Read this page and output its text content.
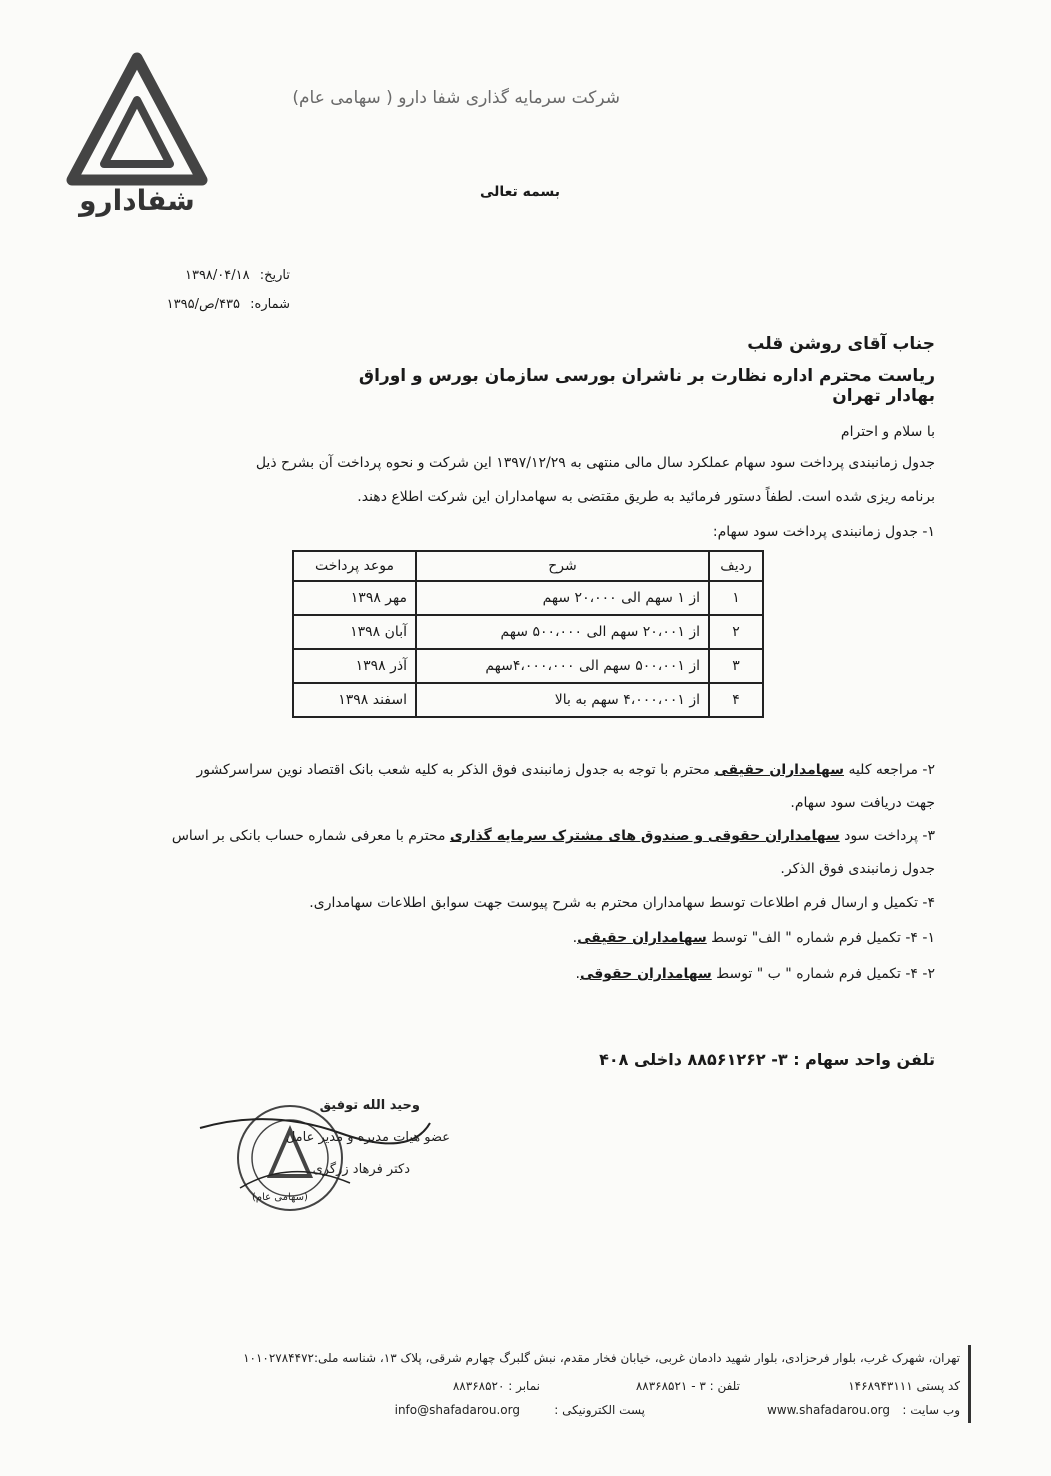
شفادارو
شرکت سرمایه گذاری شفا دارو ( سهامی عام)
بسمه تعالی
تاریخ: ۱۳۹۸/۰۴/۱۸
شماره: ۴۳۵/ص/۱۳۹۵
جناب آقای روشن قلب
ریاست محترم اداره نظارت بر ناشران بورسی سازمان بورس و اوراق بهادار تهران
با سلام و احترام
جدول زمانبندی پرداخت سود سهام عملکرد سال مالی منتهی به ۱۳۹۷/۱۲/۲۹ این شرکت و نحوه پرداخت آن بشرح ذیل
برنامه ریزی شده است. لطفاً دستور فرمائید به طریق مقتضی به سهامداران این شرکت اطلاع دهند.
۱- جدول زمانبندی پرداخت سود سهام:
ردیف	شرح	موعد پرداخت
۱	از ۱ سهم الی ۲۰،۰۰۰ سهم	مهر ۱۳۹۸
۲	از ۲۰،۰۰۱ سهم الی ۵۰۰،۰۰۰ سهم	آبان ۱۳۹۸
۳	از ۵۰۰،۰۰۱ سهم الی ۴،۰۰۰،۰۰۰سهم	آذر ۱۳۹۸
۴	از ۴،۰۰۰،۰۰۱ سهم به بالا	اسفند ۱۳۹۸
۲- مراجعه کلیه سهامداران حقیقی محترم با توجه به جدول زمانبندی فوق الذکر به کلیه شعب بانک اقتصاد نوین سراسرکشور
جهت دریافت سود سهام.
۳- پرداخت سود سهامداران حقوقی و صندوق های مشترک سرمایه گذاری محترم با معرفی شماره حساب بانکی بر اساس
جدول زمانبندی فوق الذکر.
۴- تکمیل و ارسال فرم اطلاعات توسط سهامداران محترم به شرح پیوست جهت سوابق اطلاعات سهامداری.
۱- ۴- تکمیل فرم شماره " الف" توسط سهامداران حقیقی.
۲- ۴- تکمیل فرم شماره " ب " توسط سهامداران حقوقی.
تلفن واحد سهام : ۳- ۸۸۵۶۱۲۶۲ داخلی ۴۰۸
وحید الله توفیق
عضو هیات مدیره و مدیر عامل
دکتر فرهاد زرگری
(سهامی عام)
تهران، شهرک غرب، بلوار فرحزادی، بلوار شهید دادمان غربی، خیابان فخار مقدم، نبش گلبرگ چهارم شرقی، پلاک ۱۳، شناسه ملی:۱۰۱۰۲۷۸۴۴۷۲
کد پستی ۱۴۶۸۹۴۳۱۱۱
تلفن : ۳ - ۸۸۳۶۸۵۲۱
نمابر : ۸۸۳۶۸۵۲۰
وب سایت :
www.shafadarou.org
پست الکترونیکی :
info@shafadarou.org
